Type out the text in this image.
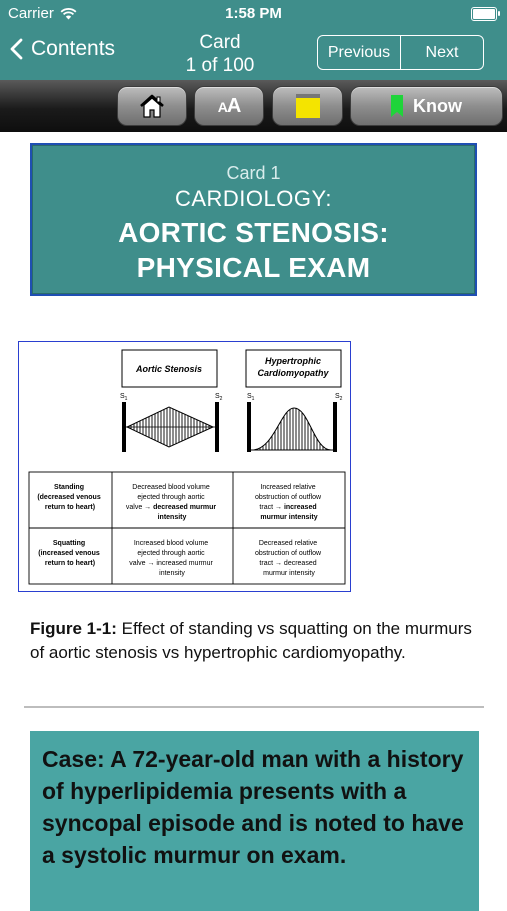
Carrier	1:58 PM
Contents	Card
1 of 100
Previous	Next
AA	Know
Card 1
CARDIOLOGY:
AORTIC STENOSIS:
PHYSICAL EXAM
Aortic Stenosis
Hypertrophic
Cardiomyopathy
$S_1$	$S_2$	$S_1$	$S_2$
Standing (decreased venous return to heart)
Decreased blood volume ejected through aortic valve → decreased murmur intensity
Increased relative obstruction of outflow tract → increased murmur intensity
Squatting (increased venous return to heart)
Increased blood volume ejected through aortic valve → increased murmur intensity
Decreased relative obstruction of outflow tract → decreased murmur intensity
Figure 1-1: Effect of standing vs squatting on the murmurs of aortic stenosis vs hypertrophic cardiomyopathy.
Case: A 72-year-old man with a history of hyperlipidemia presents with a syncopal episode and is noted to have a systolic murmur on exam.
